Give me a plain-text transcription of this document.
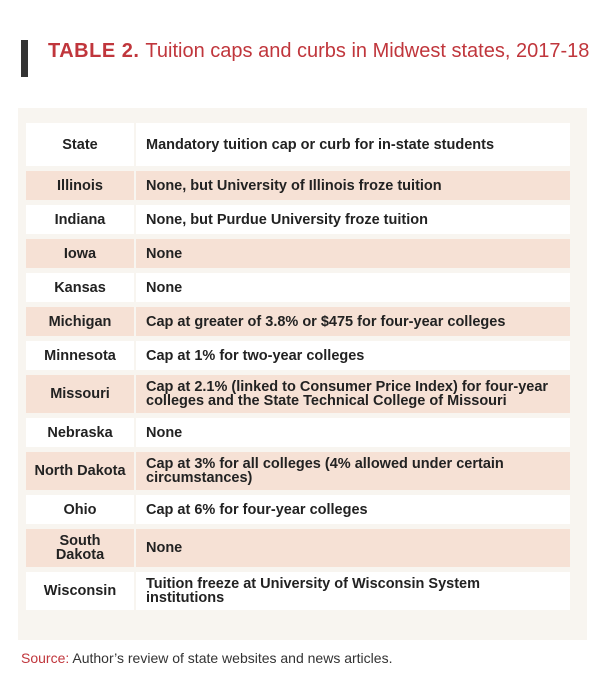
TABLE 2. Tuition caps and curbs in Midwest states, 2017-18
State	Mandatory tuition cap or curb for in-state students
Illinois	None, but University of Illinois froze tuition
Indiana	None, but Purdue University froze tuition
Iowa	None
Kansas	None
Michigan	Cap at greater of 3.8% or $475 for four-year colleges
Minnesota	Cap at 1% for two-year colleges
Missouri	Cap at 2.1% (linked to Consumer Price Index) for four-year colleges and the State Technical College of Missouri
Nebraska	None
North Dakota	Cap at 3% for all colleges (4% allowed under certain circumstances)
Ohio	Cap at 6% for four-year colleges
South Dakota	None
Wisconsin	Tuition freeze at University of Wisconsin System institutions
Source: Author’s review of state websites and news articles.
